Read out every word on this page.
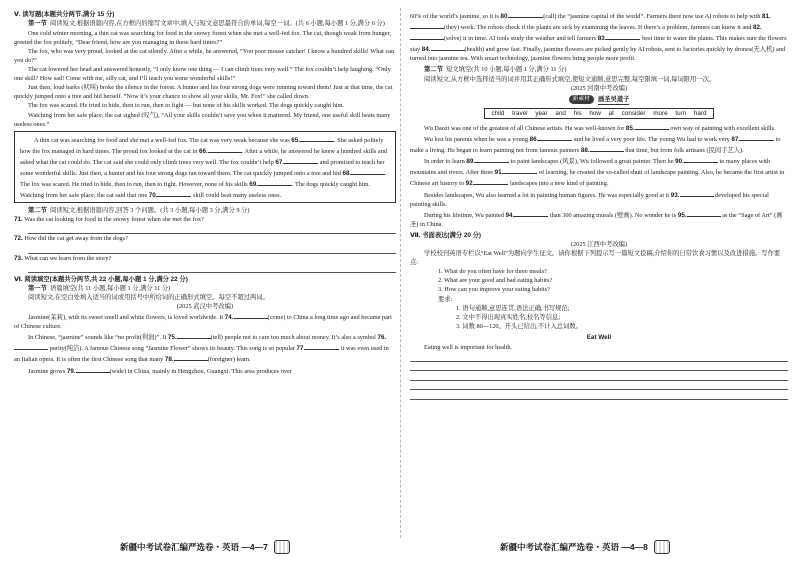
Ⅴ. 读写题(本题共分两节,满分 15 分)

第一节 阅读短文,根据语篇内容,在方框内的缩写文章中,填入与短文意思最符合的单词,每空一词。(共 6 小题,每小题 1 分,满分 6 分)

One cold winter morning, a thin cat was searching for food in the snowy forest when she met a well-fed fox. The cat, though weak from hunger, greeted the fox politely, “Dear friend, how are you managing in these hard times?”

The fox, who was very proud, looked at the cat silently. After a while, he answered, “You poor mouse catcher! I know a hundred skills! What can you do?”

The cat lowered her head and answered honestly, “I only know one thing — I can climb trees very well.” The fox couldn’t help laughing. “Only one skill? How sad! Come with me, silly cat, and I’ll teach you some wonderful skills!”

Just then, loud barks (吠叫) broke the silence in the forest. A hunter and his four strong dogs were running toward them! Just at that time, the cat quickly jumped onto a tree and hid herself. “Now it’s your chance to show all your skills, Mr. Fox!” she called down.

The fox was scared. He tried to hide, then to run, then to fight — but none of his skills worked. The dogs quickly caught him.

Watching from her safe place, the cat sighed (叹气), “All your skills couldn’t save you when it mattered. My friend, one useful skill beats many useless ones.”

A thin cat was searching for food and she met a well-fed fox. The cat was very weak because she was 65.	. She asked politely how the fox managed in hard times. The proud fox looked at the cat in 66.	. After a while, he answered he knew a hundred skills and asked what the cat could do. The cat said she could only climb trees very well. The fox couldn’t help 67.	and promised to teach her some wonderful skills. Just then, a hunter and his four strong dogs ran toward them. The cat quickly jumped onto a tree and hid 68.	. The fox was scared. He tried to hide, then to run, then to fight. However, none of his skills 69.	. The dogs quickly caught him. Watching from her safe place, the cat said that one 70.	skill could beat many useless ones.

第二节 阅读短文,根据语篇内容,回答 3 个问题。(共 3 小题,每小题 3 分,满分 9 分)

71. Was the cat looking for food in the snowy forest when she met the fox?

72. How did the cat get away from the dogs?

73. What can we learn from the story?

Ⅵ. 阅读填空(本题共分两节,共 22 小题,每小题 1 分,满分 22 分)

第一节 语篇填空(共 11 小题,每小题 1 分,满分 11 分)

阅读短文,在空白处填入适当的词或用括号中所给词的正确形式填空。每空不超过两词。

(2025 武汉中考改编)

Jasmine(茉莉), with its sweet smell and white flowers, is loved worldwide. It 74.	(come) to China a long time ago and became part of Chinese culture.

In Chinese, “jasmine” sounds like “no profit(利润)”. It 75.	(tell) people not to care too much about money. It’s also a symbol 76. purity(纯洁). A famous Chinese song “Jasmine Flower” shows its beauty. This song is so popular 77.	it was even used in an Italian opera. It is often the first Chinese song that many 78.	(foreigner) learn.

Jasmine grows 79.	(wide) in China, mainly in Hengzhou, Guangxi. This area produces over

新疆中考试卷汇编严选卷・英语 —4—7

60% of the world’s jasmine, so it is 80.	(call) the “jasmine capital of the world”. Farmers there now use AI robots to help with 81.(they) work. The robots check if the plants are sick by examining the leaves. If there’s a problem, farmers can know it and 82.(solve) it in time. AI tools study the weather and tell farmers 83.	best time to water the plants. This makes sure the flowers stay 84.	(health) and grow fast. Finally, jasmine flowers are picked gently by AI robots, sent to factories quickly by drones(无人机) and turned into jasmine tea. With smart technology, jasmine flowers bring people more profit.

第二节 短文填空(共 10 小题,每小题 1 分,满分 11 分)

阅读短文,从方框中选择适当的词并用其正确形式填空,使短文通顺,意思完整,每空限填一词,每词限用一次。

(2025 河南中考改编)

新素材	画圣吴道子
child travel year and his how at consider more turn hard

Wu Daozi was one of the greatest of all Chinese artists. He was well-known for 85.	own way of painting with excellent skills.

Wu lost his parents when he was a young 86.	and he lived a very poor life. The young Wu had to work very 87.	to make a living. He began to learn painting not from famous painters 88.	that time, but from folk artisans (民间手艺人).

In order to learn 89.	to paint landscapes (风景), Wu followed a great painter. Then he 90.	to many places with mountains and rivers. After three 91.	of learning, he created the so-called shuti of landscape painting. Also, he became the first artist in Chinese art history to 92.	landscapes into a new kind of painting.

Besides landscapes, Wu also learned a lot in painting human figures. He was especially good at it 93.	developed his special painting skills.

During his lifetime, Wu painted 94.	than 300 amazing murals (壁画). No wonder he is 95.	as the “Sage of Art” (画圣) in China.

Ⅶ. 书面表达(满分 20 分)

(2025 江西中考改编)

学校校刊英语专栏以“Eat Well”为题向学生征文。请你根据下列提示写一篇短文投稿,介绍你的日常饮食习惯以及改进措施。写作要点:

1. What do you often have for three meals?

2. What are your good and bad eating habits?

3. How can you improve your eating habits?

要求:

1. 语句通顺,意思连贯,语法正确,书写规范;

2. 文中不得出现真实姓名,校名等信息;

3. 词数 80—120。开头已给出,不计入总词数。

Eat Well

Eating well is important for health.

新疆中考试卷汇编严选卷・英语 —4—8
